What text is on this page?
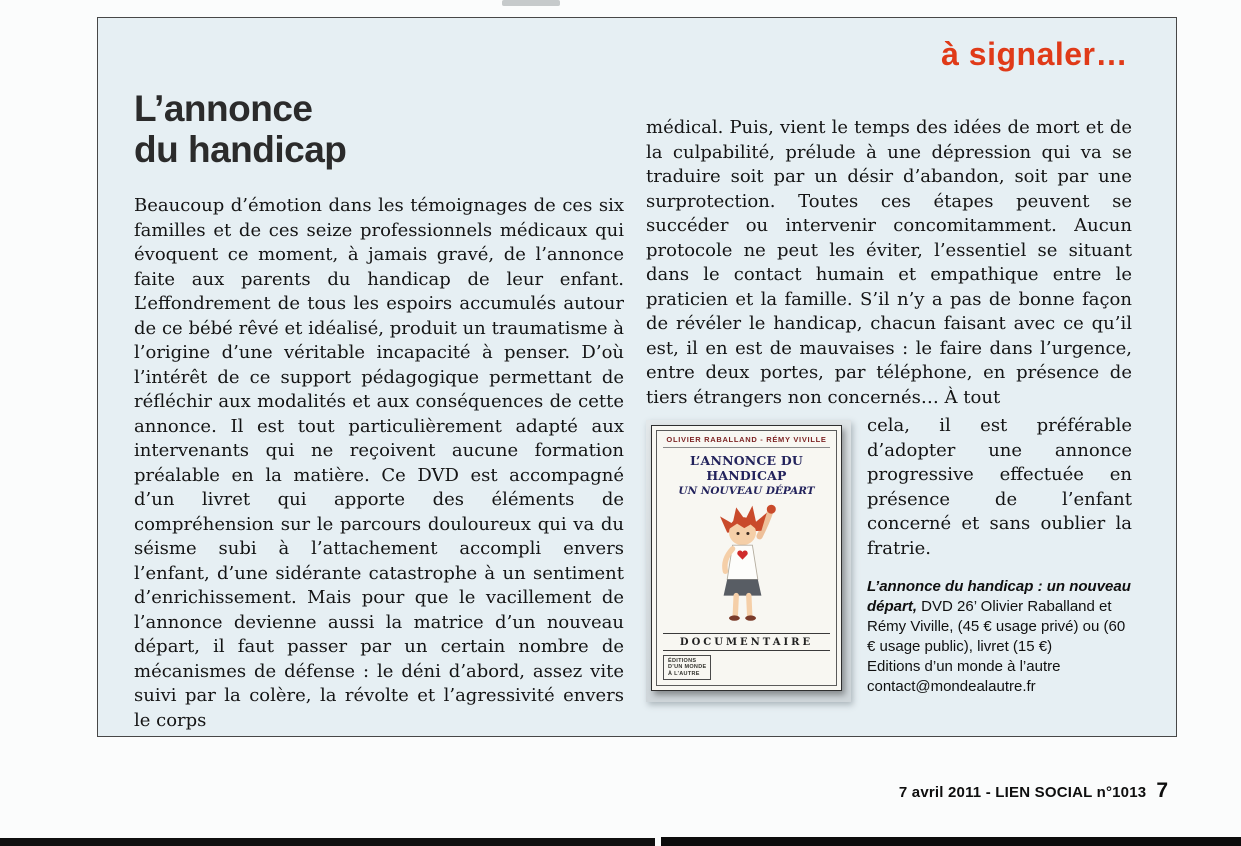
à signaler…
L’annonce
du handicap

Beaucoup d’émotion dans les témoignages de ces six familles et de ces seize professionnels médicaux qui évoquent ce moment, à jamais gravé, de l’annonce faite aux parents du handicap de leur enfant. L’effondrement de tous les espoirs accumulés autour de ce bébé rêvé et idéalisé, produit un traumatisme à l’origine d’une véritable incapacité à penser. D’où l’intérêt de ce support pédagogique permettant de réfléchir aux modalités et aux conséquences de cette annonce. Il est tout particulièrement adapté aux intervenants qui ne reçoivent aucune formation préalable en la matière. Ce DVD est accompagné d’un livret qui apporte des éléments de compréhension sur le parcours douloureux qui va du séisme subi à l’attachement accompli envers l’enfant, d’une sidérante catastrophe à un sentiment d’enrichissement. Mais pour que le vacillement de l’annonce devienne aussi la matrice d’un nouveau départ, il faut passer par un certain nombre de mécanismes de défense : le déni d’abord, assez vite suivi par la colère, la révolte et l’agressivité envers le corps

médical. Puis, vient le temps des idées de mort et de la culpabilité, prélude à une dépression qui va se traduire soit par un désir d’abandon, soit par une surprotection. Toutes ces étapes peuvent se succéder ou intervenir concomitamment. Aucun protocole ne peut les éviter, l’essentiel se situant dans le contact humain et empathique entre le praticien et la famille. S’il n’y a pas de bonne façon de révéler le handicap, chacun faisant avec ce qu’il est, il en est de mauvaises : le faire dans l’urgence, entre deux portes, par téléphone, en présence de tiers étrangers non concernés… À tout

OLIVIER RABALLAND - RÉMY VIVILLE
L’ANNONCE DU HANDICAP
UN NOUVEAU DÉPART
DOCUMENTAIRE
ÉDITIONS
D’UN MONDE
À L’AUTRE

cela, il est préférable d’adopter une annonce progressive effectuée en présence de l’enfant concerné et sans oublier la fratrie.

L’annonce du handicap : un nouveau départ, DVD 26’ Olivier Raballand et Rémy Viville, (45 € usage privé) ou (60 € usage public), livret (15 €)
Editions d’un monde à l’autre
contact@mondealautre.fr
7 avril 2011 - LIEN SOCIAL n°1013 7
